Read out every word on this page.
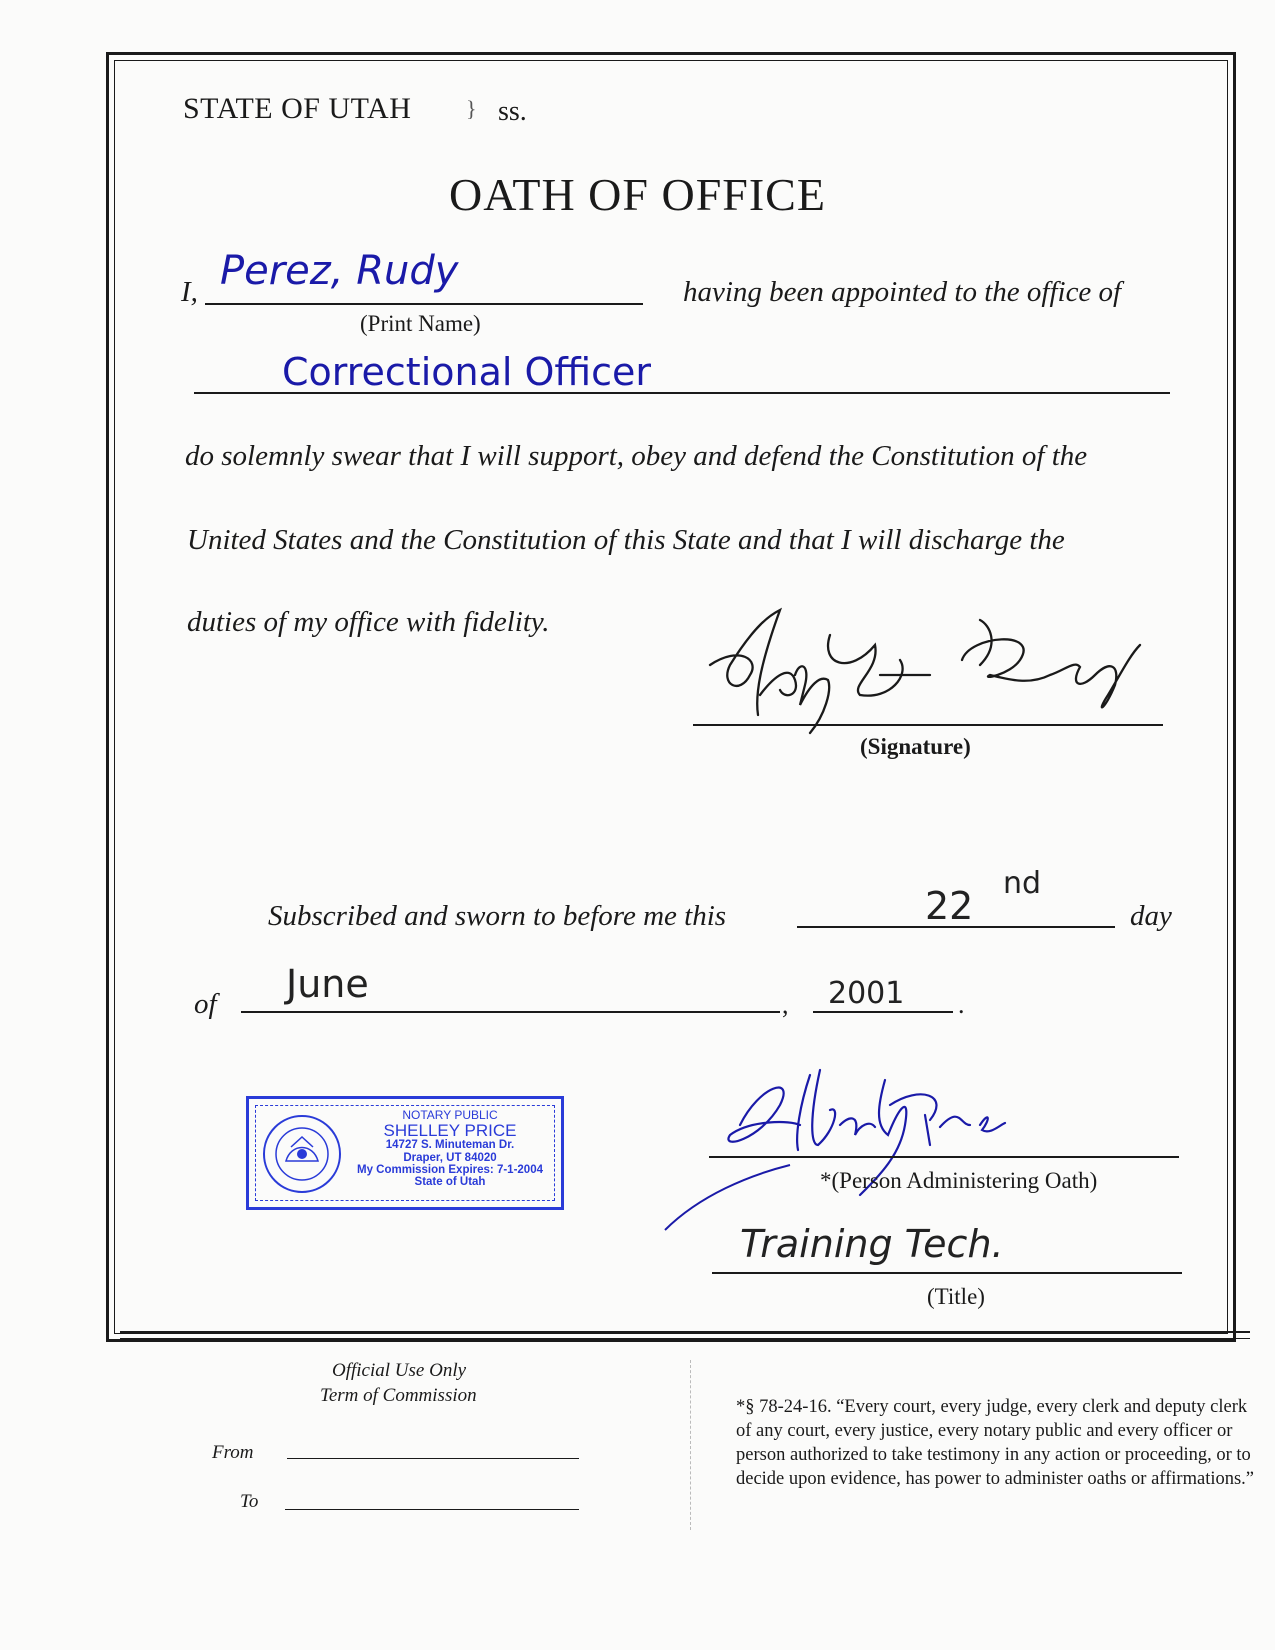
STATE OF UTAH } ss.
OATH OF OFFICE
I, Perez, Rudy
(Print Name)
having been appointed to the office of
Correctional Officer
do solemnly swear that I will support, obey and defend the Constitution of the
United States and the Constitution of this State and that I will discharge the
duties of my office with fidelity.
(Signature)
Subscribed and sworn to before me this	22
nd
day
of June	, 2001 .
NOTARY PUBLIC
SHELLEY PRICE
14727 S. Minuteman Dr.
Draper, UT 84020
My Commission Expires: 7-1-2004
State of Utah	*(Person Administering Oath)
Training Tech.
(Title)
Official Use Only
Term of Commission
From
To
*§ 78-24-16. “Every court, every judge, every clerk and deputy clerk of any court, every justice, every notary public and every officer or person authorized to take testimony in any action or proceeding, or to decide upon evidence, has power to administer oaths or affirmations.”
